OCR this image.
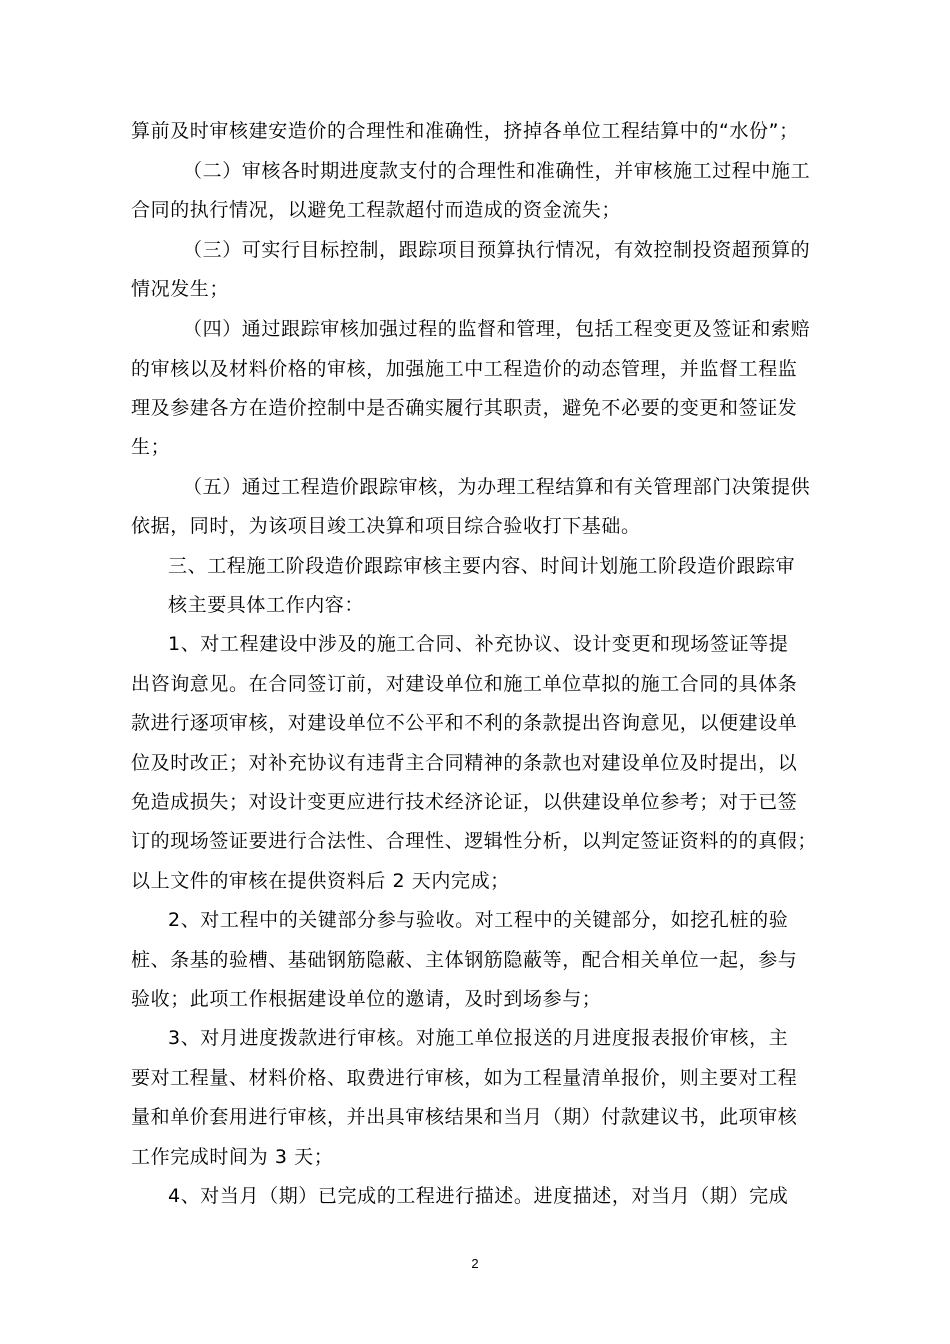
算前及时审核建安造价的合理性和准确性，挤掉各单位工程结算中的“水份”；
（二）审核各时期进度款支付的合理性和准确性，并审核施工过程中施工
合同的执行情况，以避免工程款超付而造成的资金流失；
（三）可实行目标控制，跟踪项目预算执行情况，有效控制投资超预算的
情况发生；
（四）通过跟踪审核加强过程的监督和管理，包括工程变更及签证和索赔
的审核以及材料价格的审核，加强施工中工程造价的动态管理，并监督工程监
理及参建各方在造价控制中是否确实履行其职责，避免不必要的变更和签证发
生；
（五）通过工程造价跟踪审核，为办理工程结算和有关管理部门决策提供
依据，同时，为该项目竣工决算和项目综合验收打下基础。
三、工程施工阶段造价跟踪审核主要内容、时间计划施工阶段造价跟踪审
核主要具体工作内容：
1、对工程建设中涉及的施工合同、补充协议、设计变更和现场签证等提
出咨询意见。在合同签订前，对建设单位和施工单位草拟的施工合同的具体条
款进行逐项审核，对建设单位不公平和不利的条款提出咨询意见，以便建设单
位及时改正；对补充协议有违背主合同精神的条款也对建设单位及时提出，以
免造成损失；对设计变更应进行技术经济论证，以供建设单位参考；对于已签
订的现场签证要进行合法性、合理性、逻辑性分析，以判定签证资料的的真假；
以上文件的审核在提供资料后 2 天内完成；
2、对工程中的关键部分参与验收。对工程中的关键部分，如挖孔桩的验
桩、条基的验槽、基础钢筋隐蔽、主体钢筋隐蔽等，配合相关单位一起，参与
验收；此项工作根据建设单位的邀请，及时到场参与；
3、对月进度拨款进行审核。对施工单位报送的月进度报表报价审核，主
要对工程量、材料价格、取费进行审核，如为工程量清单报价，则主要对工程
量和单价套用进行审核，并出具审核结果和当月（期）付款建议书，此项审核
工作完成时间为 3 天；
4、对当月（期）已完成的工程进行描述。进度描述，对当月（期）完成
2
